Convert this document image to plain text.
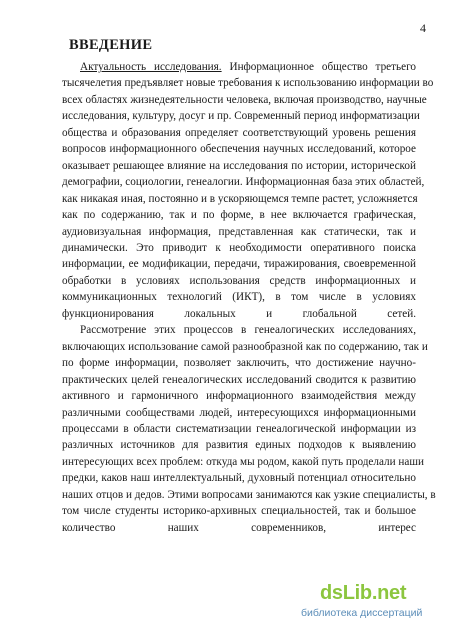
4
ВВЕДЕНИЕ
Актуальность исследования. Информационное общество третьего
тысячелетия предъявляет новые требования к использованию информации во
всех областях жизнедеятельности человека, включая производство, научные
исследования, культуру, досуг и пр. Современный период информатизации
общества и образования определяет соответствующий уровень решения
вопросов информационного обеспечения научных исследований, которое
оказывает решающее влияние на исследования по истории, исторической
демографии, социологии, генеалогии. Информационная база этих областей,
как никакая иная, постоянно и в ускоряющемся темпе растет, усложняется
как по содержанию, так и по форме, в нее включается графическая,
аудиовизуальная информация, представленная как статически, так и
динамически. Это приводит к необходимости оперативного поиска
информации, ее модификации, передачи, тиражирования, своевременной
обработки в условиях использования средств информационных и
коммуникационных технологий (ИКТ), в том числе в условиях
функционирования локальных и глобальной сетей.
Рассмотрение этих процессов в генеалогических исследованиях,
включающих использование самой разнообразной как по содержанию, так и
по форме информации, позволяет заключить, что достижение научно-
практических целей генеалогических исследований сводится к развитию
активного и гармоничного информационного взаимодействия между
различными сообществами людей, интересующихся информационными
процессами в области систематизации генеалогической информации из
различных источников для развития единых подходов к выявлению
интересующих всех проблем: откуда мы родом, какой путь проделали наши
предки, каков наш интеллектуальный, духовный потенциал относительно
наших отцов и дедов. Этими вопросами занимаются как узкие специалисты, в
том числе студенты историко-архивных специальностей, так и большое
количество наших современников, интерес
dsLib.net
библиотека диссертаций
